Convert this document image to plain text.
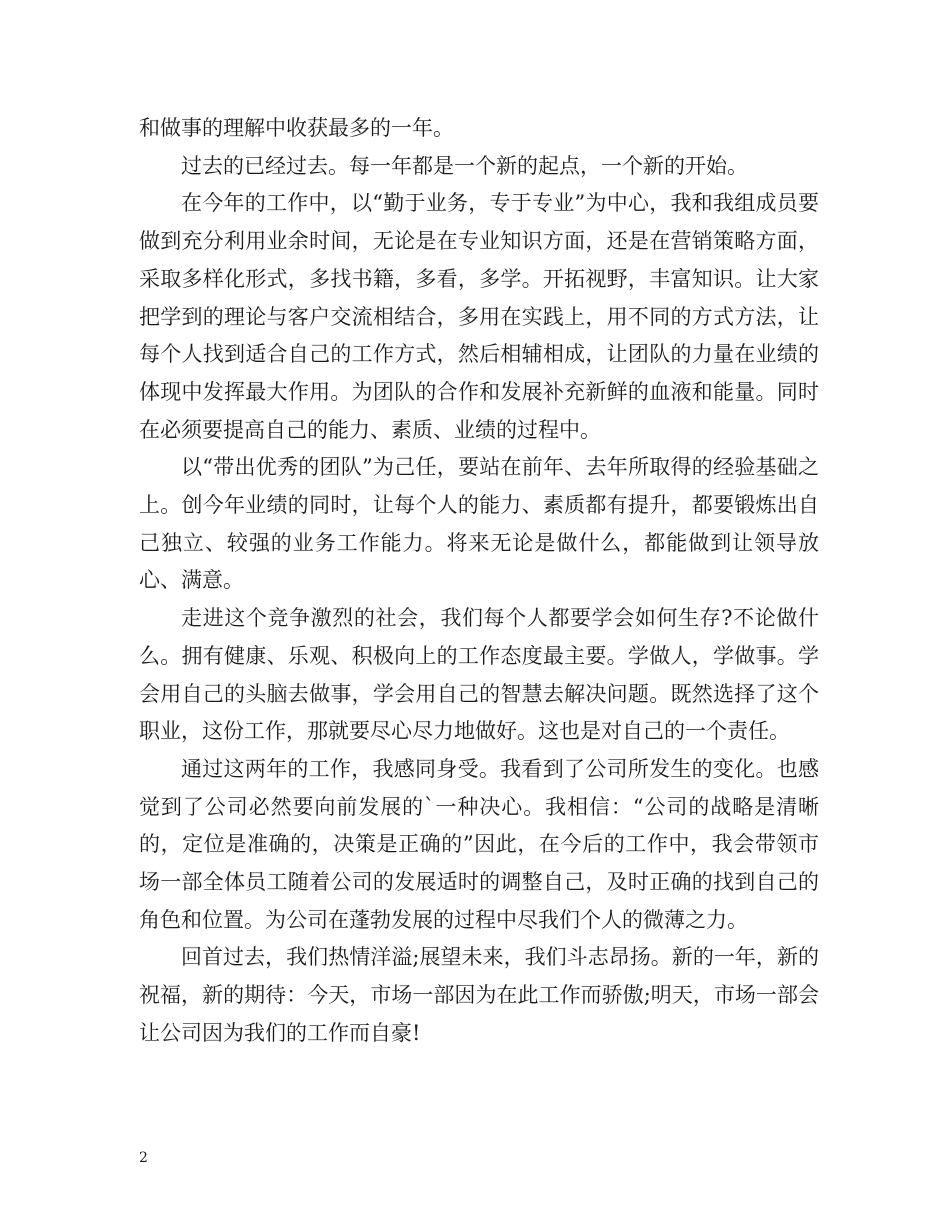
和做事的理解中收获最多的一年。

过去的已经过去。每一年都是一个新的起点，一个新的开始。

在今年的工作中，以“勤于业务，专于专业”为中心，我和我组成员要做到充分利用业余时间，无论是在专业知识方面，还是在营销策略方面，采取多样化形式，多找书籍，多看，多学。开拓视野，丰富知识。让大家把学到的理论与客户交流相结合，多用在实践上，用不同的方式方法，让每个人找到适合自己的工作方式，然后相辅相成，让团队的力量在业绩的体现中发挥最大作用。为团队的合作和发展补充新鲜的血液和能量。同时在必须要提高自己的能力、素质、业绩的过程中。

以“带出优秀的团队”为己任，要站在前年、去年所取得的经验基础之上。创今年业绩的同时，让每个人的能力、素质都有提升，都要锻炼出自己独立、较强的业务工作能力。将来无论是做什么，都能做到让领导放心、满意。

走进这个竞争激烈的社会，我们每个人都要学会如何生存?不论做什么。拥有健康、乐观、积极向上的工作态度最主要。学做人，学做事。学会用自己的头脑去做事，学会用自己的智慧去解决问题。既然选择了这个职业，这份工作，那就要尽心尽力地做好。这也是对自己的一个责任。

通过这两年的工作，我感同身受。我看到了公司所发生的变化。也感觉到了公司必然要向前发展的`一种决心。我相信：“公司的战略是清晰的，定位是准确的，决策是正确的”因此，在今后的工作中，我会带领市场一部全体员工随着公司的发展适时的调整自己，及时正确的找到自己的角色和位置。为公司在蓬勃发展的过程中尽我们个人的微薄之力。

回首过去，我们热情洋溢;展望未来，我们斗志昂扬。新的一年，新的祝福，新的期待：今天，市场一部因为在此工作而骄傲;明天，市场一部会让公司因为我们的工作而自豪!

2
